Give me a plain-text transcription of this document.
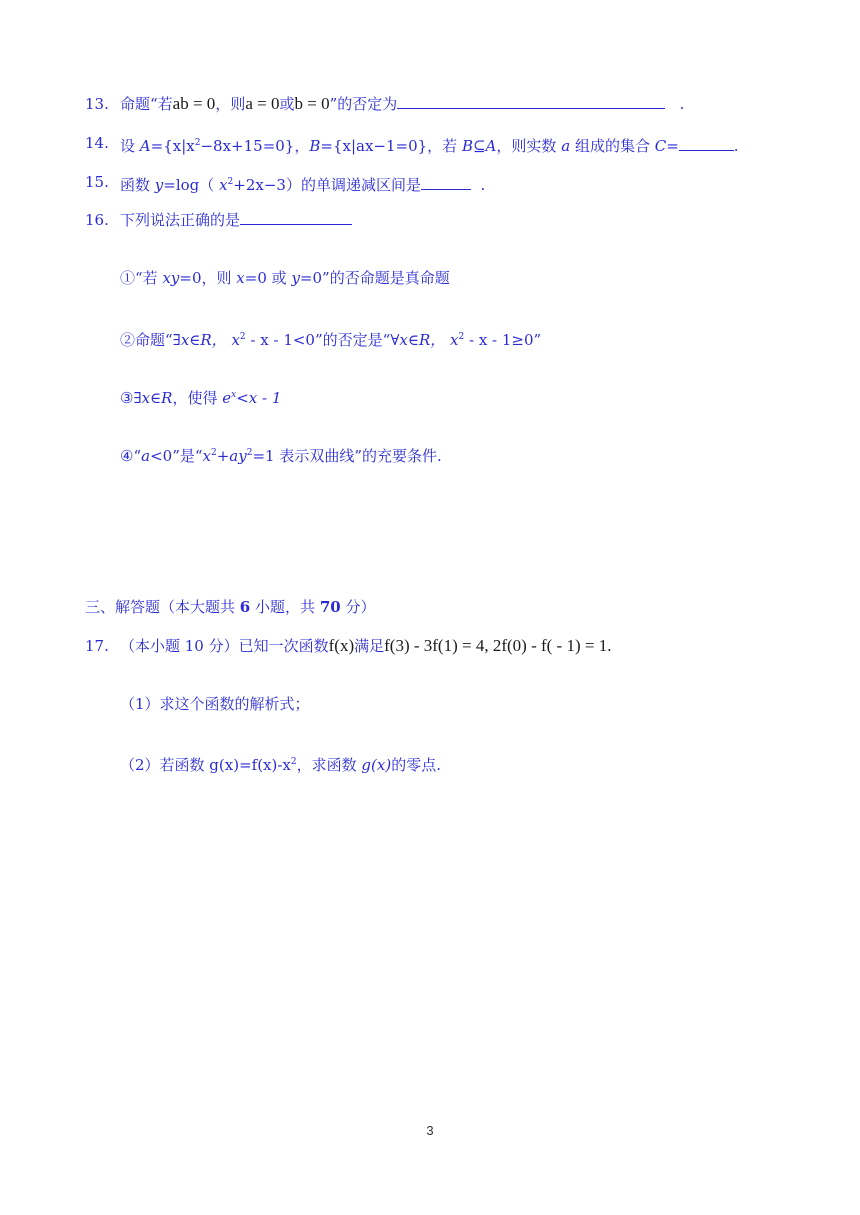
13. 命题“若ab = 0，则a = 0或b = 0”的否定为	.
14. 设 $A=\{x|x^2-8x+15=0\}$，B={x|ax−1=0}，若 B⊆A，则实数 a 组成的集合 C=	.
15. 函数 y=log（ $x^2+2x-3$）的单调递减区间是	.
16. 下列说法正确的是
①“若 xy=0，则 x=0 或 y=0”的否命题是真命题
②命题“∃x∈R， $x^2 - x - 1<0$”的否定是“∀x∈R， $x^2 - x - 1\ge 0$”
③∃x∈R，使得 $e^x<x - 1$
④“a<0”是“$x^2+ay^2=1$ 表示双曲线”的充要条件.
三、解答题（本大题共 6 小题，共 70 分）
17. （本小题 10 分）已知一次函数f(x)满足f(3) - 3f(1) = 4, 2f(0) - f( - 1) = 1.
（1）求这个函数的解析式；
（2）若函数 $g(x)=f(x)-x^2$，求函数 g(x)的零点.
3
